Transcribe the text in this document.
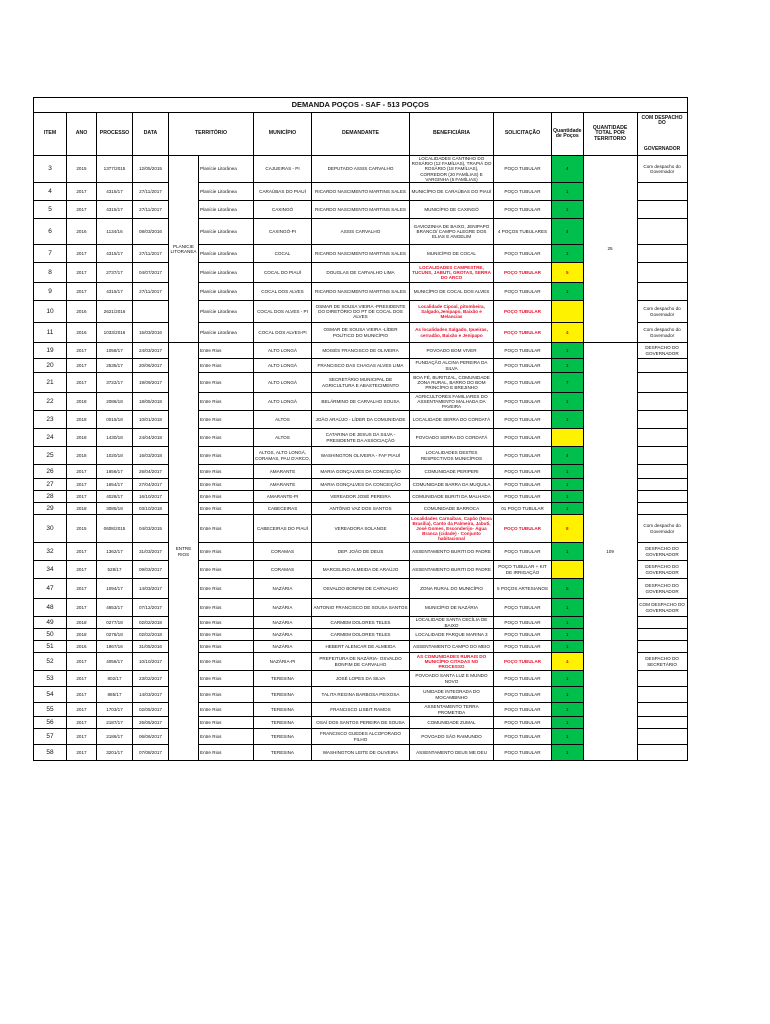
DEMANDA POÇOS - SAF - 513 POÇOS												
ITEM	ANO	PROCESSO	DATA	TERRITÓRIO		MUNICÍPIO	DEMANDANTE	BENEFICIÁRIA	SOLICITAÇÃO	Quantidade de Poços	QUANTIDADE TOTAL POR TERRITORIO	COM DESPACHO DO
GOVERNADOR

3	2015	1377/2015	12/05/2015	PLANICIE LITORANEA	Planície Litorânea	CAJUEIRAS - PI	DEPUTADO ASSIS CARVALHO	LOCALIDADES CANTINHO DO ROSÁRIO (12 FAMÍLIAS), TRAPIÁ DO ROSÁRIO (18 FAMÍLIAS), CORREDOR (20 FAMÍLIAS) E VARGINHA (5 FAMÍLIAS)	POÇO TUBULAR	4	25	Com despacho do Governador
4	2017	4315/17	27/11/2017		Planície Litorânea	CARAÚBAS DO PIAUÍ	RICARDO NASCIMENTO MARTINS SALES	MUNICÍPIO DE CARAÚBAS DO PIAUÍ	POÇO TUBULAR	1		
5	2017	4315/17	27/11/2017		Planície Litorânea	CAXINGÓ	RICARDO NASCIMENTO MARTINS SALES	MUNICÍPIO DE CAXINGÓ	POÇO TUBULAR	1		
6	2016	1134/16	08/03/2016		Planície Litorânea	CAXINGÓ-PI	ASSIS CARVALHO	GAVIOZINHA DE BAIXO, JENIPAPO BRANCO/ CAMPO ALEGRE DOS ELIAS E ANGELIM	4 POÇOS TUBULARES	4		
7	2017	4315/17	27/11/2017		Planície Litorânea	COCAL	RICARDO NASCIMENTO MARTINS SALES	MUNICÍPIO DE COCAL	POÇO TUBULAR	1		
8	2017	2737/17	04/07/2017		Planície Litorânea	COCAL DO PIAUÍ	DOUGLAS DE CARVALHO LIMA	LOCALIDADES CAMPESTRE, TUCUNS, JABUTI, GROTAS, SERRA DO ARCO	POÇO TUBULAR	5		
9	2017	4315/17	27/11/2017		Planície Litorânea	COCAL DOS ALVES	RICARDO NASCIMENTO MARTINS SALES	MUNICÍPIO DE COCAL DOS ALVES	POÇO TUBULAR	1		
10	2016	2621/2016			Planície Litorânea	COCAL DOS ALVES - PI	OSMAR DE SOUSA VIEIRA -PRESIDENTE DO DIRETÓRIO DO PT DE COCAL DOS ALVES	Localidade Cipoal, pitombeira, Salgado,Jenipapo, Baixão e Melancias	POÇO TUBULAR			Com despacho do Governador
11	2016	1033/2016	15/03/2016		Planície Litorânea	COCAL DOS ALVES-PI	OSMAR DE SOUSA VIEIRA -LÍDER POLÍTICO DO MUNICÍPIO	As localidades Salgado, Ipueiras, cerradão, Baixão e Jenipapo	POÇO TUBULAR	4		Com despacho do Governador
19	2017	1058/17	24/03/2017	ENTRE RIOS	Entre Rios	ALTO LONGÁ	MOISÉS FRANCISCO DE OLIVEIRA	POVOADO BOM VIVER	POÇO TUBULAR	1	109	DESPACHO DO GOVERNADOR
20	2017	2535/17	20/06/2017		Entre Rios	ALTO LONGÁ	FRANCISCO DAS CHAGAS ALVES LIMA	FUNDAÇÃO ALCINA PEREIRA DA SILVA	POÇO TUBULAR	1		
21	2017	3722/17	19/09/2017		Entre Rios	ALTO LONGÁ	SECRETÁRIO MUNICIPAL DE AGRICULTURA E ABASTECIMENTO	BOA FÉ, BURITIZAL, COMUNIDADE ZONA RURAL, BARRO DO BOM PRINCÍPIO E BREJINHO	POÇO TUBULAR	7		
22	2018	2086/18	18/05/2018		Entre Rios	ALTO LONGÁ	BELÁRMINO DE CARVALHO SOUSA	AGRICULTORES FAMILIARES DO ASSENTAMENTO MALHADA DA PAVEIRA	POÇO TUBULAR	1		
23	2018	0015/18	10/01/2018		Entre Rios	ALTOS	JOÃO ARAÚJO - LÍDER DA COMUNIDADE	LOCALIDADE SERRA DO CORDATÁ	POÇO TUBULAR	1		
24	2018	1430/18	24/04/2018		Entre Rios	ALTOS	CATARINA DE JESUS DA SILVA - PRESIDENTE DA ASSOCIAÇÃO	POVOADO SERRA DO CORDATÁ	POÇO TUBULAR			
25	2018	1020/18	16/03/2018		Entre Rios	ALTOS, ALTO LONGÁ, CORAMAS, PAU D'ARCO,	WASHINGTON OLIVEIRA - FAF PIAUÍ	LOCALIDADES DESTES RESPECTIVOS MUNICÍPIOS	POÇO TUBULAR	4		
26	2017	1656/17	26/04/2017		Entre Rios	AMARANTE	MARIA GONÇALVES DA CONCEIÇÃO	COMUNIDADE PERIPERI	POÇO TUBULAR	1		
27	2017	1654/17	27/04/2017		Entre Rios	AMARANTE	MARIA GONÇALVES DA CONCEIÇÃO	COMUNIDADE BARRA DA MUQUILA	POÇO TUBULAR	1		
28	2017	4028/17	16/10/2017		Entre Rios	AMARANTE-PI	VEREADOR JOSÉ PEREIRA	COMUNIDADE BURITI DA MALHADA	POÇO TUBULAR	1		
29	2018	3085/18	03/10/2018		Entre Rios	CABECEIRAS	ANTÔNIO VAZ DOS SANTOS	COMUNIDADE BARROCA	01 POÇO TUBULAR	1		
30	2015	0608/2015	04/03/2015		Entre Rios	CABECEIRAS DO PIAUÍ	VEREADORA SOLANGE	Localidades Carnaibas, Capão (Nova Brasília), Canto da Palmeira, Jabuti, José Gomes, Esconderijo- Água Branca (cidade) - Conjunto habitacional	POÇO TUBULAR	8		Com despacho do Governador
32	2017	1362/17	31/03/2017		Entre Rios	CORAMAS	DEP. JOÃO DE DEUS	ASSENTAMENTO BURITI DO PADRE	POÇO TUBULAR	1		DESPACHO DO GOVERNADOR
34	2017	528/17	09/03/2017		Entre Rios	CORAMAS	MARCELINO ALMEIDA DE ARAÚJO	ASSENTAMENTO BURITI DO PADRE	POÇO TUBULAR + KIT DE IRRIGAÇÃO			DESPACHO DO GOVERNADOR
47	2017	1094/17	14/03/2017		Entre Rios	NAZÁRIA	OSVALDO BONFIM DE CARVALHO	ZONA RURAL DO MUNICÍPIO	5 POÇOS ARTESIANOS	5		DESPACHO DO GOVERNADOR
48	2017	4653/17	07/12/2017		Entre Rios	NAZÁRIA	ANTONIO FRANCISCO DE SOUSA SANTOS	MUNICÍPIO DE NAZÁRIA	POÇO TUBULAR	1		COM DESPACHO DO GOVERNADOR
49	2018	0277/18	02/02/2018		Entre Rios	NAZÁRIA	CARMEM DOLORES TELES	LOCALIDADE SANTA CECÍLIA DE BAIXO	POÇO TUBULAR	1		
50	2018	0278/18	02/02/2018		Entre Rios	NAZÁRIA	CARMEM DOLORES TELES	LOCALIDADE PARQUE MARINA 3	POÇO TUBULAR	1		
51	2016	1967/16	31/05/2016		Entre Rios	NAZÁRIA	HEBERT ALENCAR DE ALMEIDA	ASSENTAMENTO CAMPO DO MEIO	POÇO TUBULAR	1		
52	2017	4056/17	10/10/2017		Entre Rios	NAZÁRIA-PI	PREFEITURA DE NAZÁRIA- OSVALDO BONFIM DE CARVALHO	AS COMUNIDADES RURAIS DO MUNICÍPIO CITADAS NO PROCESSO	POÇO TUBULAR	4		DESPACHO DO SECRETÁRIO
53	2017	802/17	23/02/2017		Entre Rios	TERESINA	JOSÉ LOPES DA SILVA	POVOADO SANTA LUZ E MUNDO NOVO	POÇO TUBULAR	1		
54	2017	885/17	14/03/2017		Entre Rios	TERESINA	TALITA REGINA BARBOSA PEIXOSA	UNIDADE INTEGRADA DO MOCAMBINHO	POÇO TUBULAR	1		
55	2017	1703/17	02/05/2017		Entre Rios	TERESINA	FRANCISCO LISBIT RAMOS	ASSENTAMENTO TERRA PROMETIDA	POÇO TUBULAR	1		
56	2017	2187/17	26/05/2017		Entre Rios	TERESINA	OSAÍ DOS SANTOS PEREIRA DE SOUSA	COMUNIDADE ZUMAL	POÇO TUBULAR	1		
57	2017	2186/17	06/06/2017		Entre Rios	TERESINA	FRANCISCO GUEDES ALCOFORADO FILHO	POVOADO SÃO RAIMUNDO	POÇO TUBULAR	1		
58	2017	3201/17	07/08/2017		Entre Rios	TERESINA	WASHINGTON LEITE DE OLIVEIRA	ASSENTAMENTO DEUS ME DEU	POÇO TUBULAR	1		
